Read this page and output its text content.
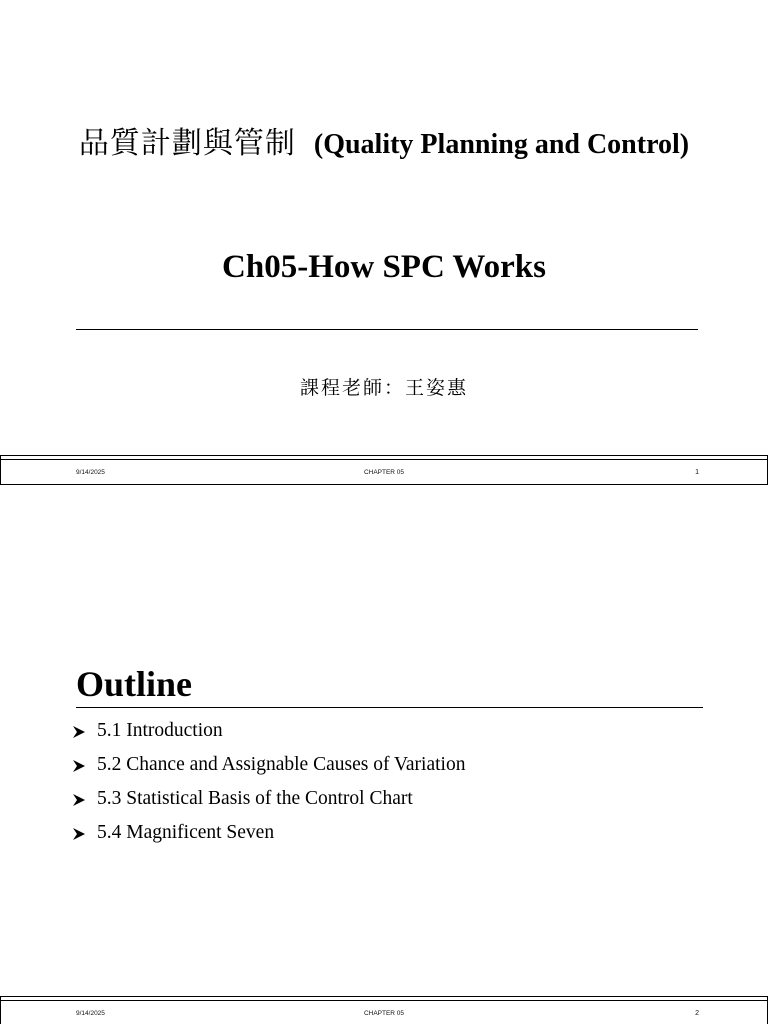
品質計劃與管制 (Quality Planning and Control)
Ch05-How SPC Works
課程老師：王姿惠
9/14/2025	CHAPTER 05	1
Outline
5.1 Introduction
5.2 Chance and Assignable Causes of Variation
5.3 Statistical Basis of the Control Chart
5.4 Magnificent Seven
9/14/2025	CHAPTER 05	2
